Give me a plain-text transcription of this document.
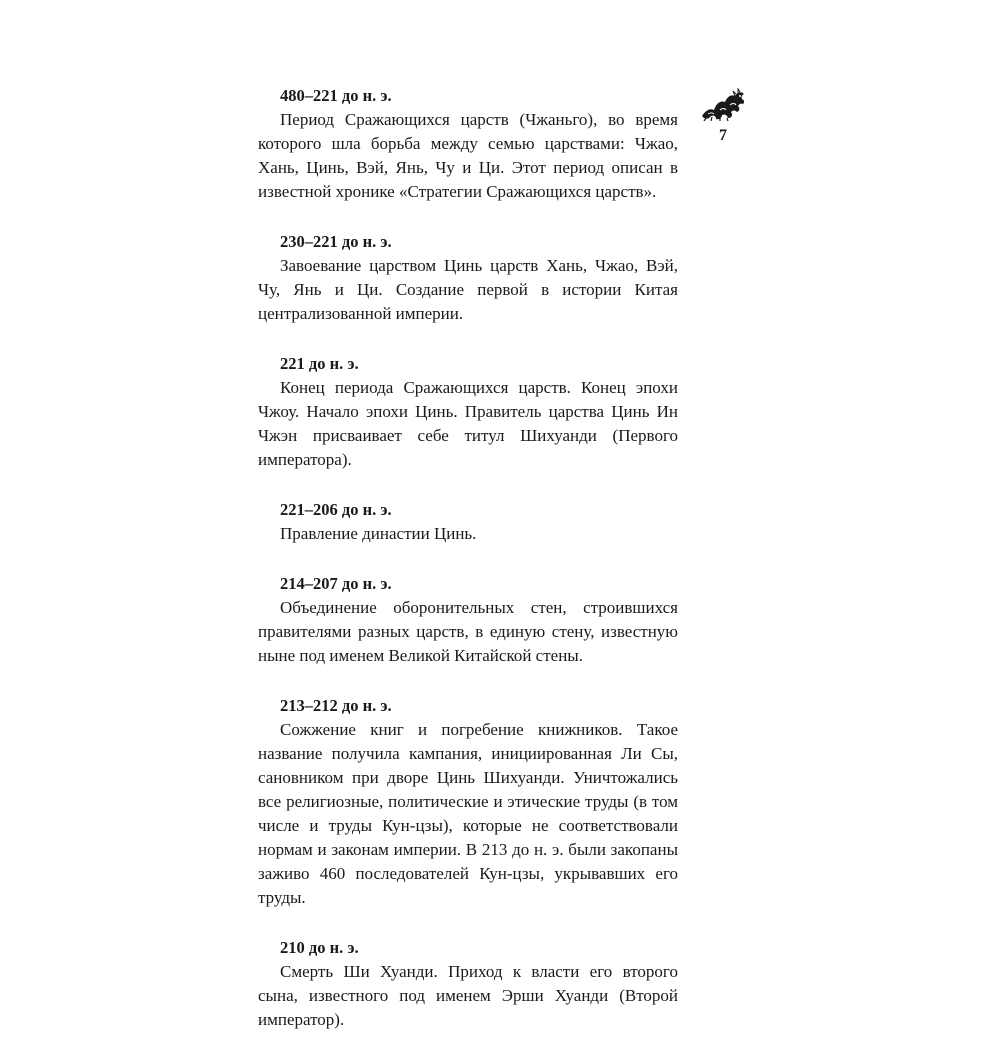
480–221 до н. э.

Период Сражающихся царств (Чжаньго), во время которого шла борьба между семью царствами: Чжао, Хань, Цинь, Вэй, Янь, Чу и Ци. Этот период описан в известной хронике «Стратегии Сражающихся царств».

230–221 до н. э.

Завоевание царством Цинь царств Хань, Чжао, Вэй, Чу, Янь и Ци. Создание первой в истории Китая централизованной империи.

221 до н. э.

Конец периода Сражающихся царств. Конец эпохи Чжоу. Начало эпохи Цинь. Правитель царства Цинь Ин Чжэн присваивает себе титул Шихуанди (Первого императора).

221–206 до н. э.

Правление династии Цинь.

214–207 до н. э.

Объединение оборонительных стен, строившихся правителями разных царств, в единую стену, известную ныне под именем Великой Китайской стены.

213–212 до н. э.

Сожжение книг и погребение книжников. Такое название получила кампания, инициированная Ли Сы, сановником при дворе Цинь Шихуанди. Уничтожались все религиозные, политические и этические труды (в том числе и труды Кун-цзы), которые не соответствовали нормам и законам империи. В 213 до н. э. были закопаны заживо 460 последователей Кун-цзы, укрывавших его труды.

210 до н. э.

Смерть Ши Хуанди. Приход к власти его второго сына, известного под именем Эрши Хуанди (Второй император).

7
